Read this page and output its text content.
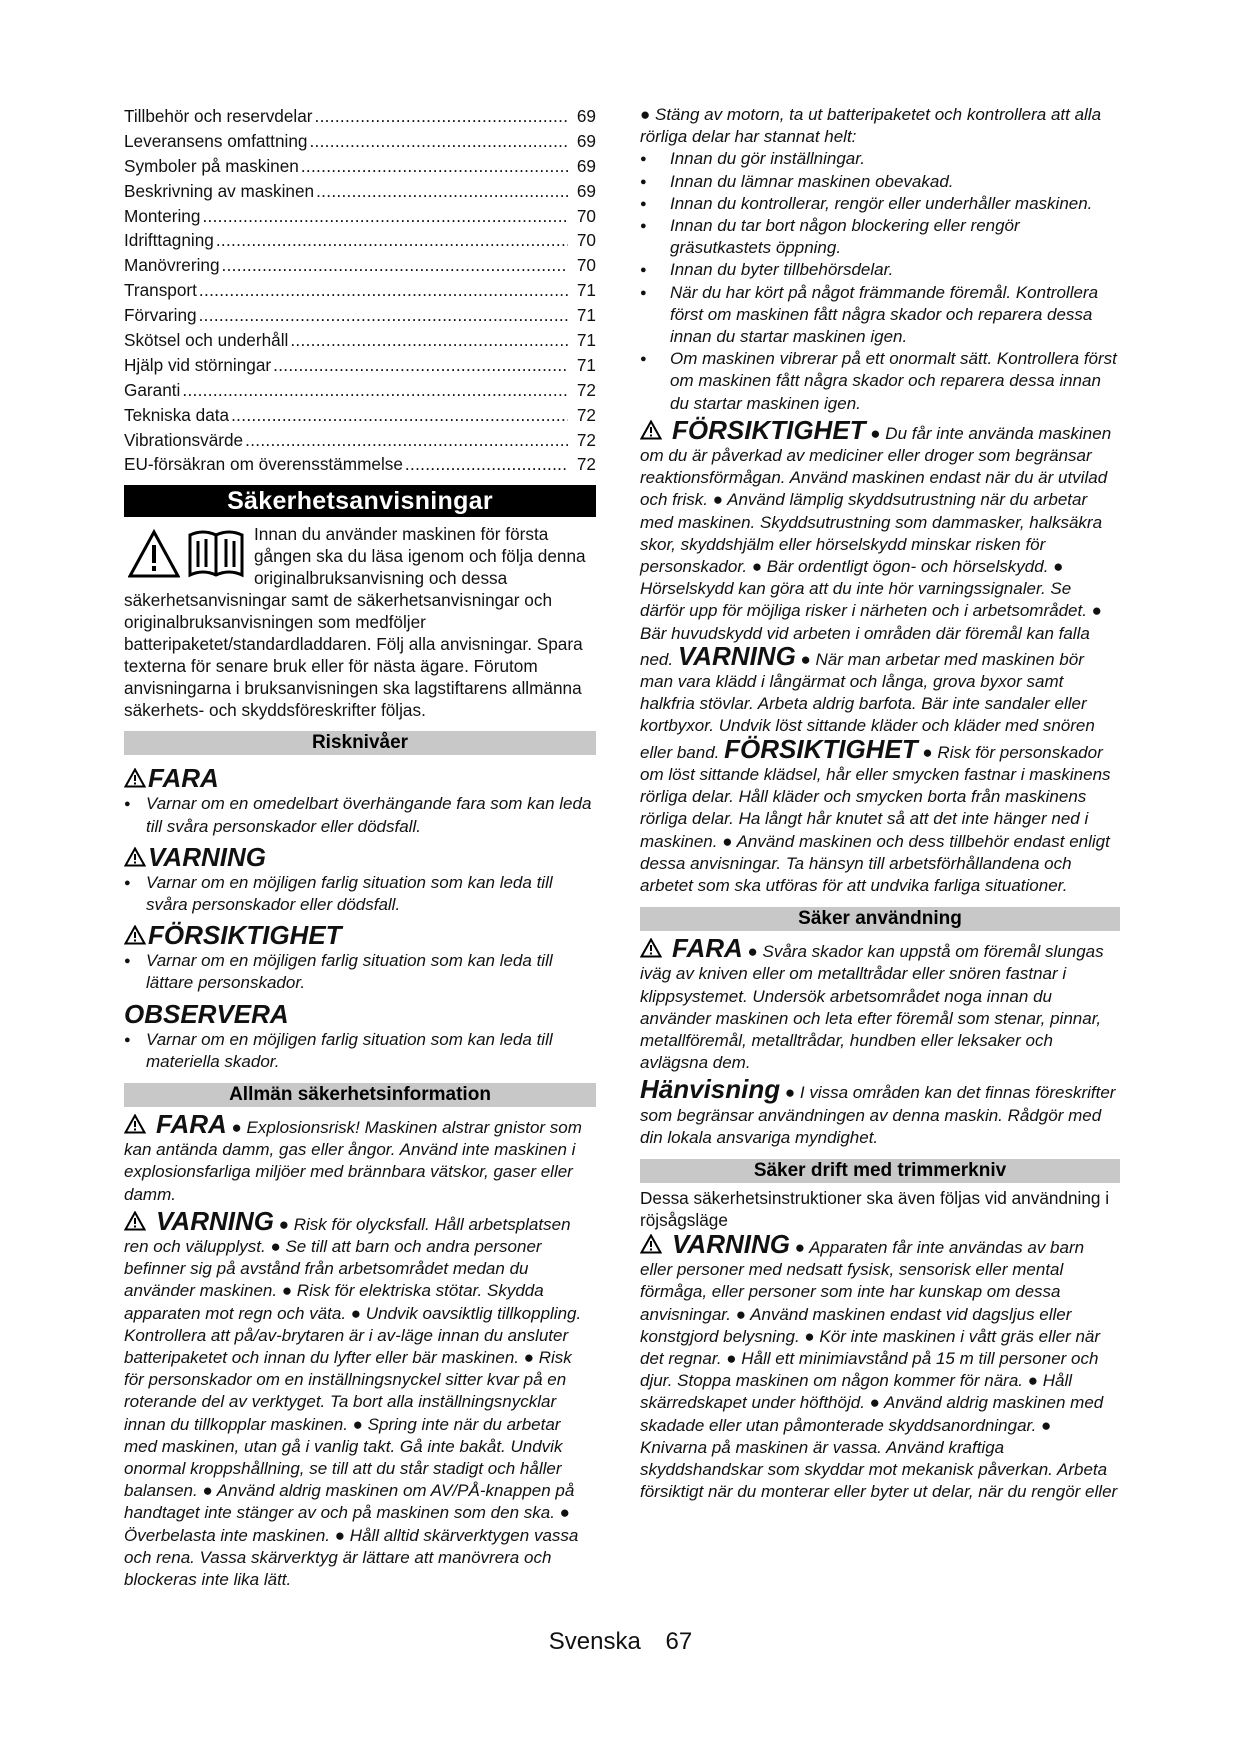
Tillbehör och reservdelar .....	69
Leveransens omfattning .....	69
Symboler på maskinen .....	69
Beskrivning av maskinen .....	69
Montering .....	70
Idrifttagning .....	70
Manövrering .....	70
Transport .....	71
Förvaring .....	71
Skötsel och underhåll .....	71
Hjälp vid störningar .....	71
Garanti .....	72
Tekniska data .....	72
Vibrationsvärde .....	72
EU-försäkran om överensstämmelse .....	72
Säkerhetsanvisningar
Innan du använder maskinen för första gången ska du läsa igenom och följa denna originalbruksanvisning och dessa säkerhetsanvisningar samt de säkerhetsanvisningar och originalbruksanvisningen som medföljer batteripaketet/standardladdaren. Följ alla anvisningar. Spara texterna för senare bruk eller för nästa ägare. Förutom anvisningarna i bruksanvisningen ska lagstiftarens allmänna säkerhets- och skyddsföreskrifter följas.
Risknivåer
FARA
● Varnar om en omedelbart överhängande fara som kan leda till svåra personskador eller dödsfall.
VARNING
● Varnar om en möjligen farlig situation som kan leda till svåra personskador eller dödsfall.
FÖRSIKTIGHET
● Varnar om en möjligen farlig situation som kan leda till lättare personskador.
OBSERVERA
● Varnar om en möjligen farlig situation som kan leda till materiella skador.
Allmän säkerhetsinformation

FARA ● Explosionsrisk! Maskinen alstrar gnistor som kan antända damm, gas eller ångor. Använd inte maskinen i explosionsfarliga miljöer med brännbara vätskor, gaser eller damm.

VARNING ● Risk för olycksfall. Håll arbetsplatsen ren och välupplyst. ● Se till att barn och andra personer befinner sig på avstånd från arbetsområdet medan du använder maskinen. ● Risk för elektriska stötar. Skydda apparaten mot regn och väta. ● Undvik oavsiktlig tillkoppling. Kontrollera att på/av-brytaren är i av-läge innan du ansluter batteripaketet och innan du lyfter eller bär maskinen. ● Risk för personskador om en inställningsnyckel sitter kvar på en roterande del av verktyget. Ta bort alla inställningsnycklar innan du tillkopplar maskinen. ● Spring inte när du arbetar med maskinen, utan gå i vanlig takt. Gå inte bakåt. Undvik onormal kroppshållning, se till att du står stadigt och håller balansen. ● Använd aldrig maskinen om AV/PÅ-knappen på handtaget inte stänger av och på maskinen som den ska. ● Överbelasta inte maskinen. ● Håll alltid skärverktygen vassa och rena. Vassa skärverktyg är lättare att manövrera och blockeras inte lika lätt.

● Stäng av motorn, ta ut batteripaketet och kontrollera att alla rörliga delar har stannat helt:

● Innan du gör inställningar.
● Innan du lämnar maskinen obevakad.
● Innan du kontrollerar, rengör eller underhåller maskinen.
● Innan du tar bort någon blockering eller rengör gräsutkastets öppning.
● Innan du byter tillbehörsdelar.
● När du har kört på något främmande föremål. Kontrollera först om maskinen fått några skador och reparera dessa innan du startar maskinen igen.
● Om maskinen vibrerar på ett onormalt sätt. Kontrollera först om maskinen fått några skador och reparera dessa innan du startar maskinen igen.

FÖRSIKTIGHET ● Du får inte använda maskinen om du är påverkad av mediciner eller droger som begränsar reaktionsförmågan. Använd maskinen endast när du är utvilad och frisk. ● Använd lämplig skyddsutrustning när du arbetar med maskinen. Skyddsutrustning som dammasker, halksäkra skor, skyddshjälm eller hörselskydd minskar risken för personskador. ● Bär ordentligt ögon- och hörselskydd. ● Hörselskydd kan göra att du inte hör varningssignaler. Se därför upp för möjliga risker i närheten och i arbetsområdet. ● Bär huvudskydd vid arbeten i områden där föremål kan falla ned. VARNING ● När man arbetar med maskinen bör man vara klädd i långärmat och långa, grova byxor samt halkfria stövlar. Arbeta aldrig barfota. Bär inte sandaler eller kortbyxor. Undvik löst sittande kläder och kläder med snören eller band. FÖRSIKTIGHET ● Risk för personskador om löst sittande klädsel, hår eller smycken fastnar i maskinens rörliga delar. Håll kläder och smycken borta från maskinens rörliga delar. Ha långt hår knutet så att det inte hänger ned i maskinen. ● Använd maskinen och dess tillbehör endast enligt dessa anvisningar. Ta hänsyn till arbetsförhållandena och arbetet som ska utföras för att undvika farliga situationer.

Säker användning

FARA ● Svåra skador kan uppstå om föremål slungas iväg av kniven eller om metalltrådar eller snören fastnar i klippsystemet. Undersök arbetsområdet noga innan du använder maskinen och leta efter föremål som stenar, pinnar, metallföremål, metalltrådar, hundben eller leksaker och avlägsna dem.

Hänvisning ● I vissa områden kan det finnas föreskrifter som begränsar användningen av denna maskin. Rådgör med din lokala ansvariga myndighet.

Säker drift med trimmerkniv

Dessa säkerhetsinstruktioner ska även följas vid användning i röjsågsläge

VARNING ● Apparaten får inte användas av barn eller personer med nedsatt fysisk, sensorisk eller mental förmåga, eller personer som inte har kunskap om dessa anvisningar. ● Använd maskinen endast vid dagsljus eller konstgjord belysning. ● Kör inte maskinen i vått gräs eller när det regnar. ● Håll ett minimiavstånd på 15 m till personer och djur. Stoppa maskinen om någon kommer för nära. ● Håll skärredskapet under höfthöjd. ● Använd aldrig maskinen med skadade eller utan påmonterade skyddsanordningar. ● Knivarna på maskinen är vassa. Använd kraftiga skyddshandskar som skyddar mot mekanisk påverkan. Arbeta försiktigt när du monterar eller byter ut delar, när du rengör eller

Svenska 67
